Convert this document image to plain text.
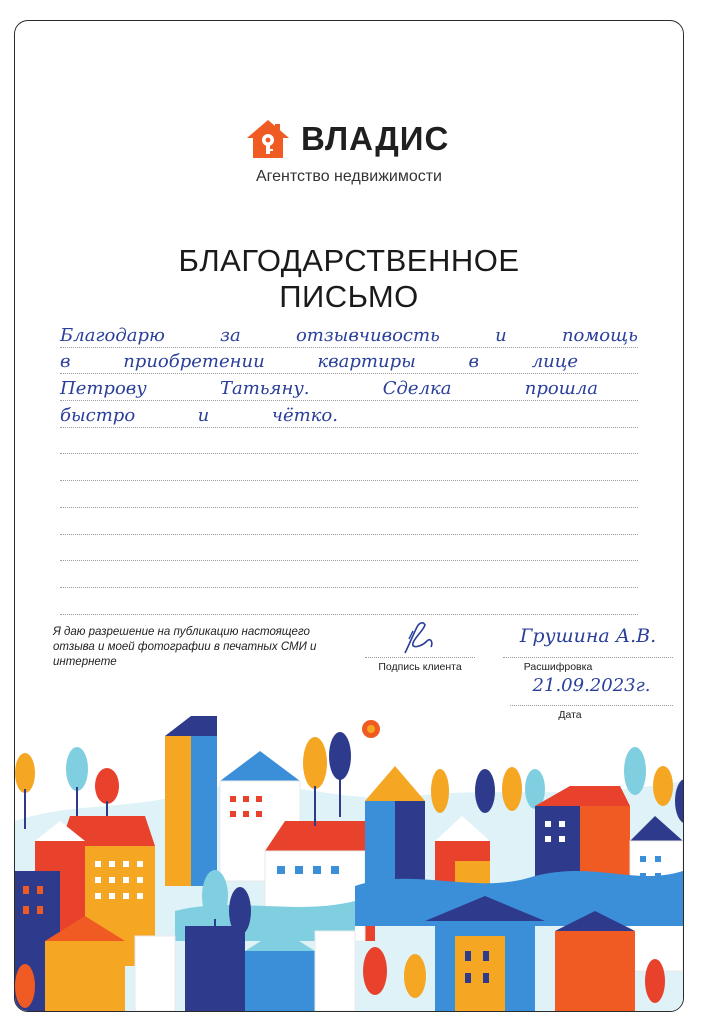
ВЛАДИС
Агентство недвижимости
БЛАГОДАРСТВЕННОЕ
ПИСЬМО
Благодарю	за	отзывчивость	и	помощь
в	приобретении	квартиры	в	лице
Петрову	Татьяну.	Сделка	прошла
быстро	и	чётко.
Я даю разрешение на публикацию настоящего отзыва и моей фотографии в печатных СМИ и интернете	Подпись клиента
Грушина А.В.
Расшифровка
21.09.2023г.
Дата
